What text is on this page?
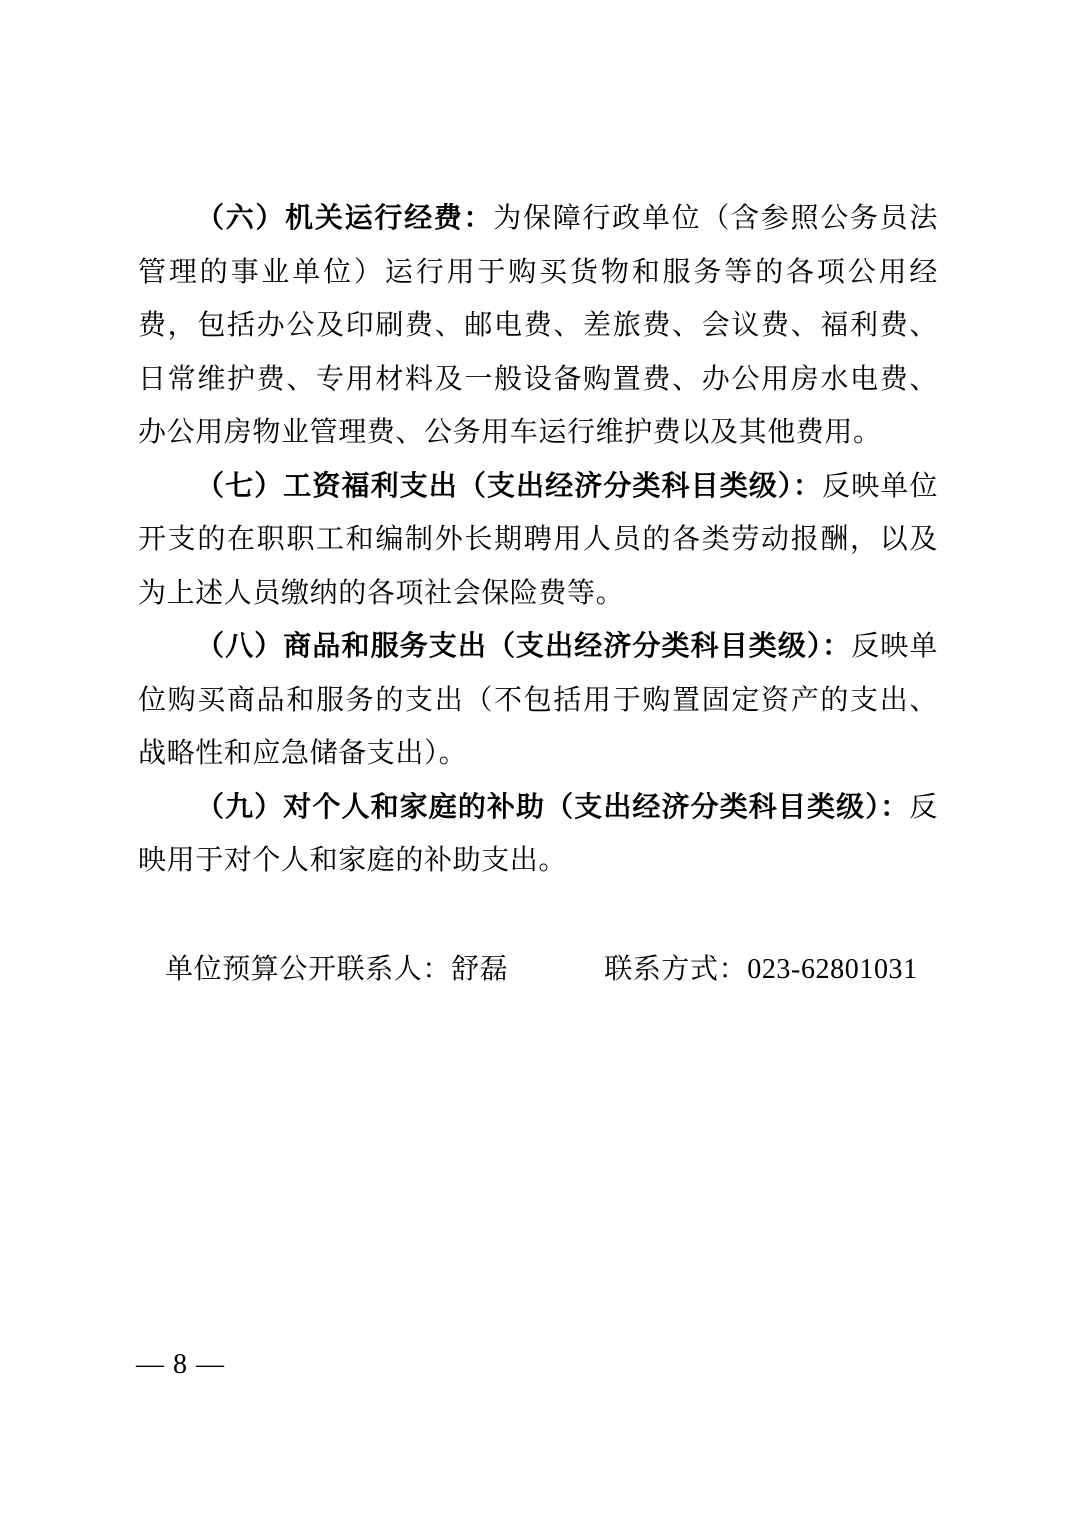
（六）机关运行经费：为保障行政单位（含参照公务员法管理的事业单位）运行用于购买货物和服务等的各项公用经费，包括办公及印刷费、邮电费、差旅费、会议费、福利费、日常维护费、专用材料及一般设备购置费、办公用房水电费、办公用房物业管理费、公务用车运行维护费以及其他费用。

（七）工资福利支出（支出经济分类科目类级）：反映单位开支的在职职工和编制外长期聘用人员的各类劳动报酬，以及为上述人员缴纳的各项社会保险费等。

（八）商品和服务支出（支出经济分类科目类级）：反映单位购买商品和服务的支出（不包括用于购置固定资产的支出、战略性和应急储备支出）。

（九）对个人和家庭的补助（支出经济分类科目类级）：反映用于对个人和家庭的补助支出。

单位预算公开联系人：舒磊	联系方式：023-62801031

— 8 —
